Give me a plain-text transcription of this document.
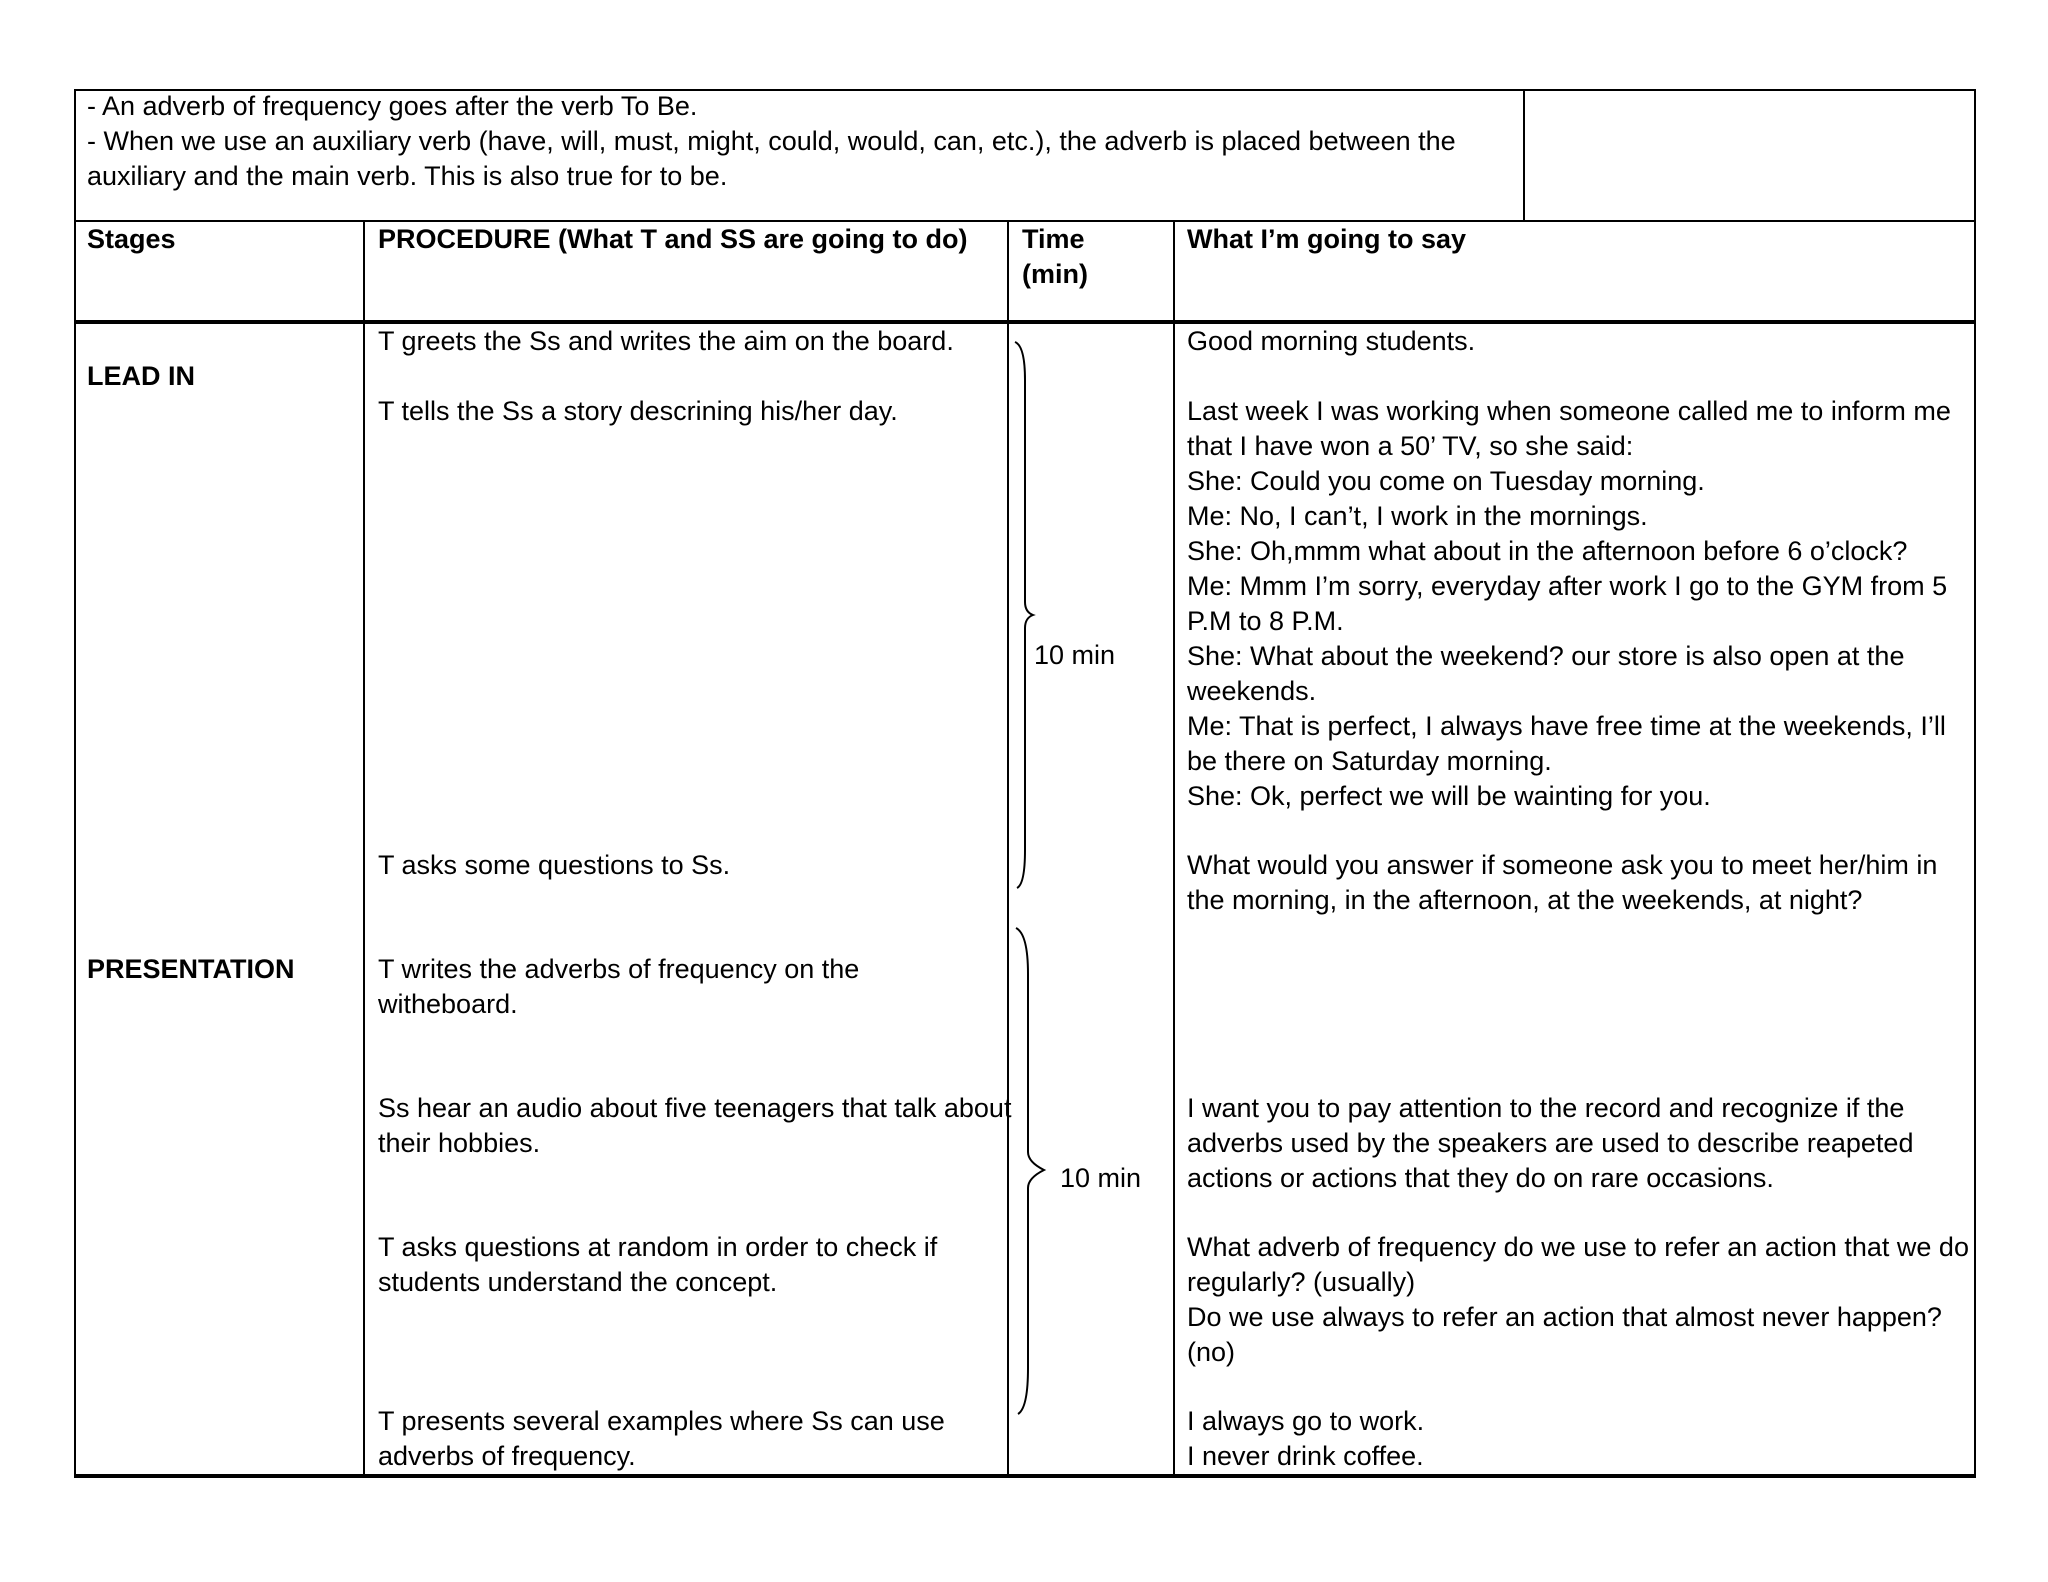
- An adverb of frequency goes after the verb To Be.
- When we use an auxiliary verb (have, will, must, might, could, would, can, etc.), the adverb is placed between the
auxiliary and the main verb. This is also true for to be.
Stages	PROCEDURE (What T and SS are going to do) Time
(min)
What I’m going to say
LEAD IN
PRESENTATION
T greets the Ss and writes the aim on the board.
T tells the Ss a story descrining his/her day.
T asks some questions to Ss.
T writes the adverbs of frequency on the
witheboard.
Ss hear an audio about five teenagers that talk about
their hobbies.
T asks questions at random in order to check if
students understand the concept.
T presents several examples where Ss can use
adverbs of frequency.
10 min
10 min
Good morning students.
Last week I was working when someone called me to inform me
that I have won a 50’ TV, so she said:
She: Could you come on Tuesday morning.
Me: No, I can’t, I work in the mornings.
She: Oh,mmm what about in the afternoon before 6 o’clock?
Me: Mmm I’m sorry, everyday after work I go to the GYM from 5
P.M to 8 P.M.
She: What about the weekend? our store is also open at the
weekends.
Me: That is perfect, I always have free time at the weekends, I’ll
be there on Saturday morning.
She: Ok, perfect we will be wainting for you.
What would you answer if someone ask you to meet her/him in
the morning, in the afternoon, at the weekends, at night?
I want you to pay attention to the record and recognize if the
adverbs used by the speakers are used to describe reapeted
actions or actions that they do on rare occasions.
What adverb of frequency do we use to refer an action that we do
regularly? (usually)
Do we use always to refer an action that almost never happen?
(no)
I always go to work.
I never drink coffee.
